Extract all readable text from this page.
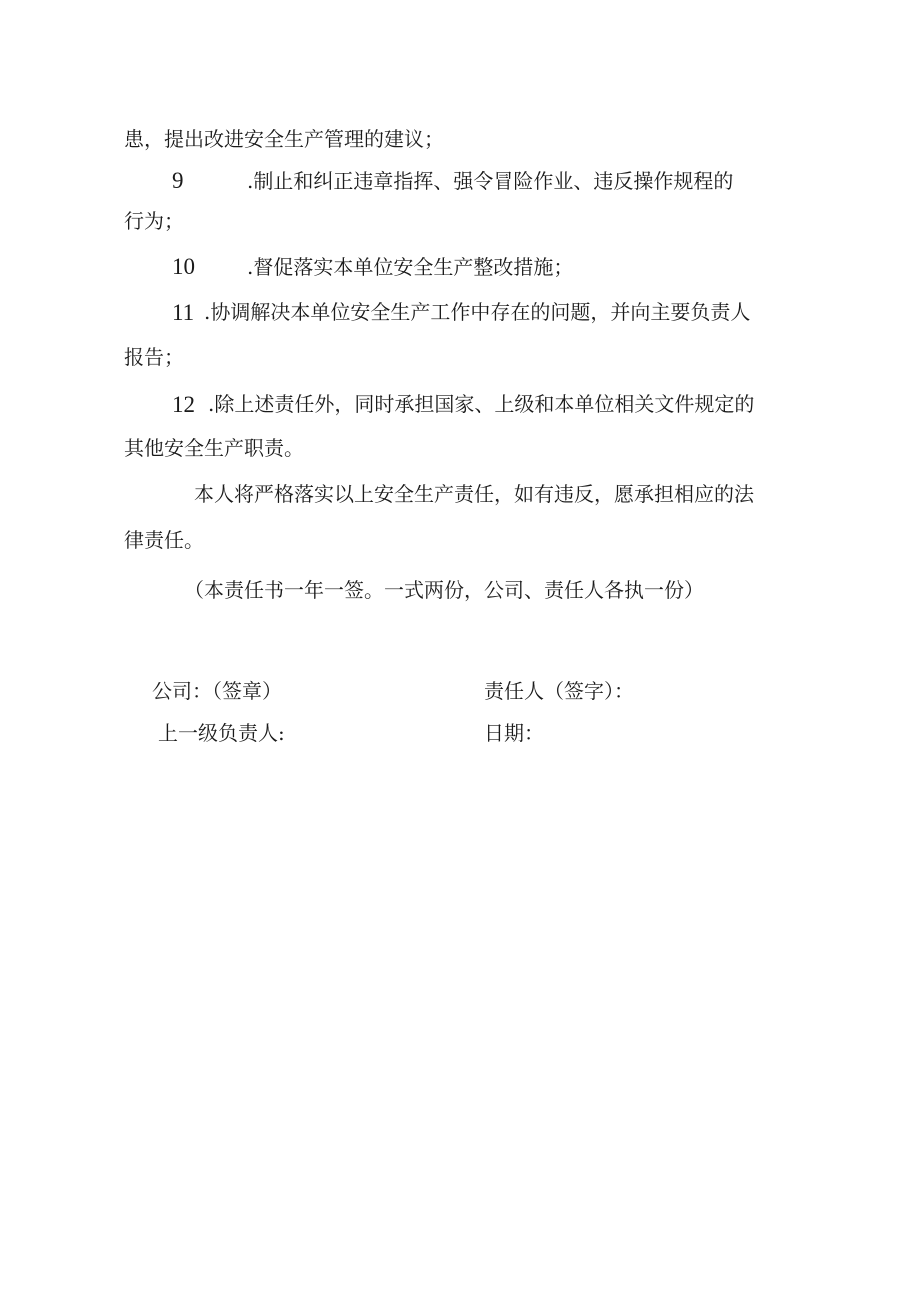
患，提出改进安全生产管理的建议；
9	.制止和纠正违章指挥、强令冒险作业、违反操作规程的
行为；
10	.督促落实本单位安全生产整改措施；
11 .协调解决本单位安全生产工作中存在的问题，并向主要负责人
报告；
12 .除上述责任外，同时承担国家、上级和本单位相关文件规定的
其他安全生产职责。
本人将严格落实以上安全生产责任，如有违反，愿承担相应的法
律责任。
（本责任书一年一签。一式两份，公司、责任人各执一份）
公司：（签章）	责任人（签字）：
上一级负责人:	日期：
